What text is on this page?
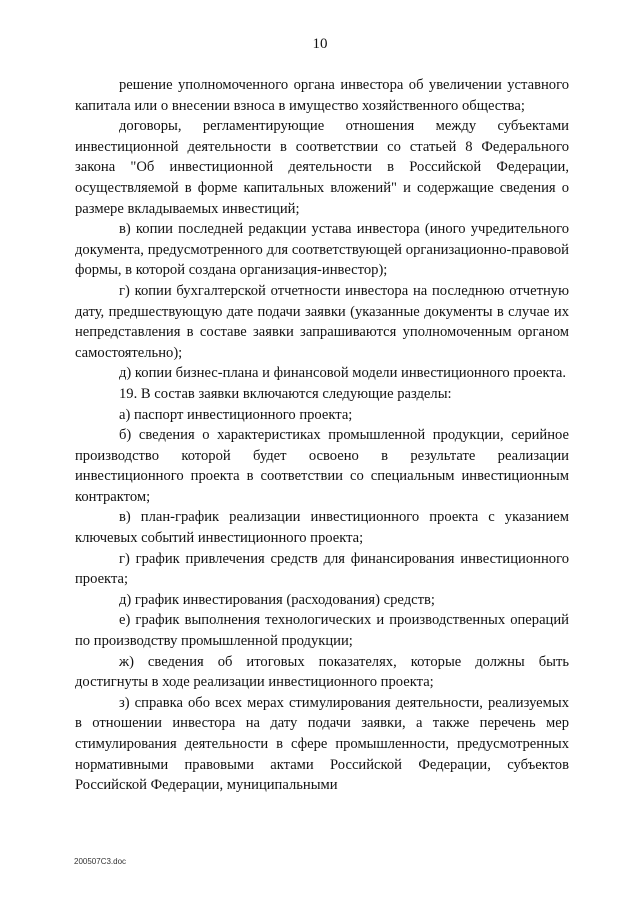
10

решение уполномоченного органа инвестора об увеличении уставного капитала или о внесении взноса в имущество хозяйственного общества;

договоры, регламентирующие отношения между субъектами инвестиционной деятельности в соответствии со статьей 8 Федерального закона "Об инвестиционной деятельности в Российской Федерации, осуществляемой в форме капитальных вложений" и содержащие сведения о размере вкладываемых инвестиций;

в) копии последней редакции устава инвестора (иного учредительного документа, предусмотренного для соответствующей организационно-правовой формы, в которой создана организация-инвестор);

г) копии бухгалтерской отчетности инвестора на последнюю отчетную дату, предшествующую дате подачи заявки (указанные документы в случае их непредставления в составе заявки запрашиваются уполномоченным органом самостоятельно);

д) копии бизнес-плана и финансовой модели инвестиционного проекта.

19. В состав заявки включаются следующие разделы:

а) паспорт инвестиционного проекта;

б) сведения о характеристиках промышленной продукции, серийное производство которой будет освоено в результате реализации инвестиционного проекта в соответствии со специальным инвестиционным контрактом;

в) план-график реализации инвестиционного проекта с указанием ключевых событий инвестиционного проекта;

г) график привлечения средств для финансирования инвестиционного проекта;

д) график инвестирования (расходования) средств;

е) график выполнения технологических и производственных операций по производству промышленной продукции;

ж) сведения об итоговых показателях, которые должны быть достигнуты в ходе реализации инвестиционного проекта;

з) справка обо всех мерах стимулирования деятельности, реализуемых в отношении инвестора на дату подачи заявки, а также перечень мер стимулирования деятельности в сфере промышленности, предусмотренных нормативными правовыми актами Российской Федерации, субъектов Российской Федерации, муниципальными

200507C3.doc
